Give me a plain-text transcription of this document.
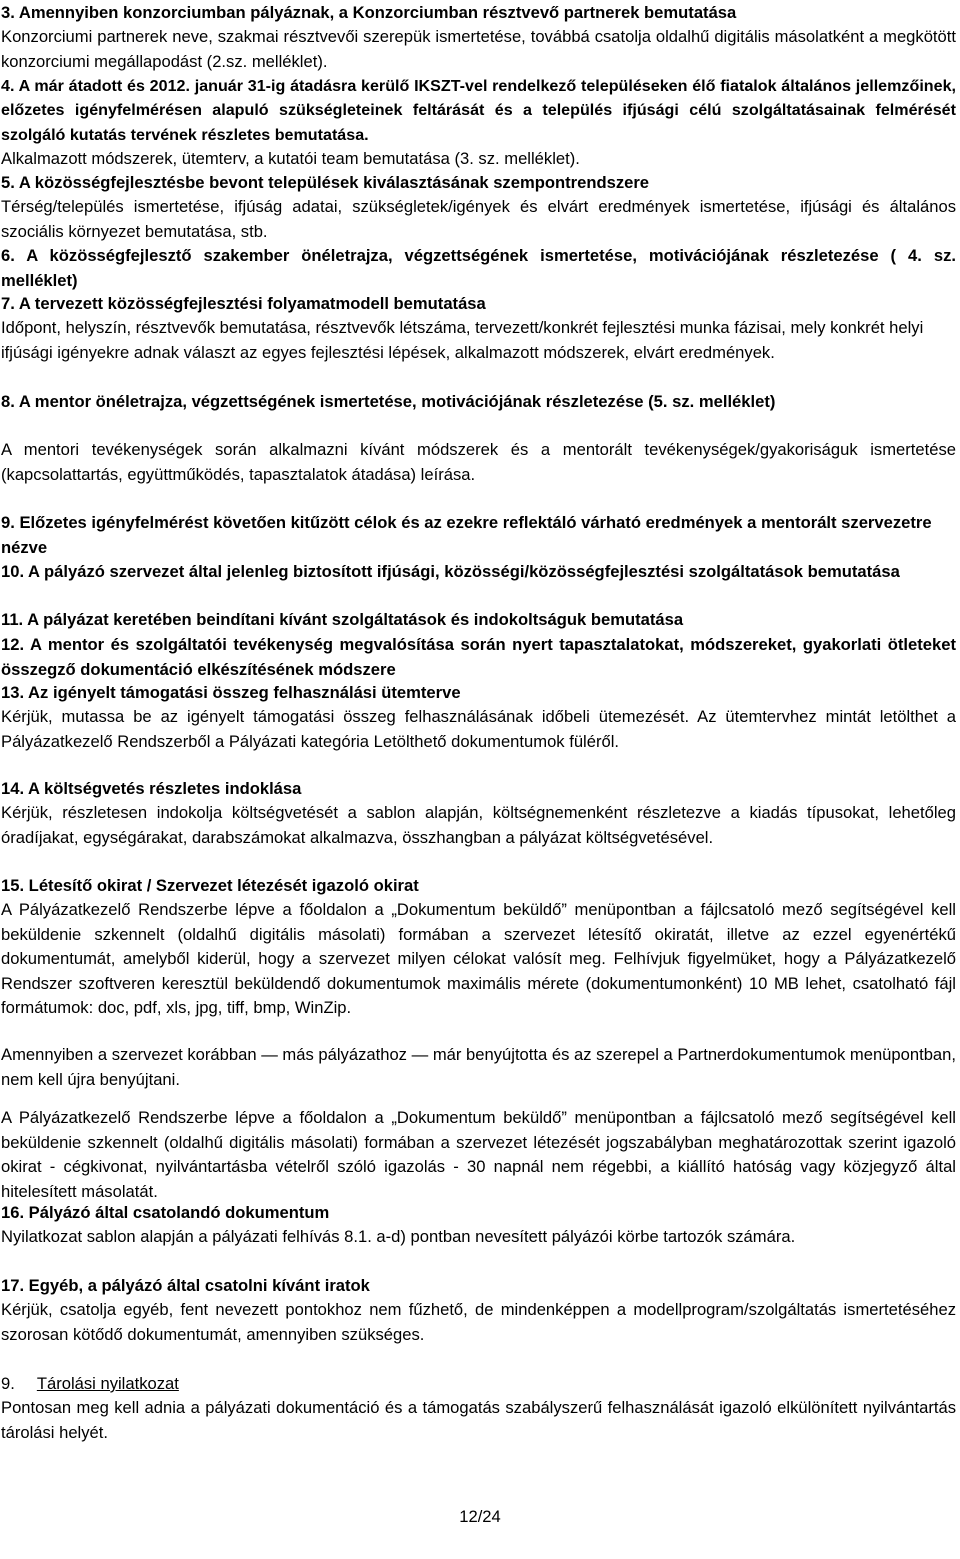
3. Amennyiben konzorciumban pályáznak, a Konzorciumban résztvevő partnerek bemutatása

Konzorciumi partnerek neve, szakmai résztvevői szerepük ismertetése, továbbá csatolja oldalhű digitális másolatként a megkötött konzorciumi megállapodást (2.sz. melléklet).

4. A már átadott és 2012. január 31-ig átadásra kerülő IKSZT-vel rendelkező településeken élő fiatalok általános jellemzőinek, előzetes igényfelmérésen alapuló szükségleteinek feltárását és a település ifjúsági célú szolgáltatásainak felmérését szolgáló kutatás tervének részletes bemutatása.

Alkalmazott módszerek, ütemterv, a kutatói team bemutatása (3. sz. melléklet).

5. A közösségfejlesztésbe bevont települések kiválasztásának szempontrendszere

Térség/település ismertetése, ifjúság adatai, szükségletek/igények és elvárt eredmények ismertetése, ifjúsági és általános szociális környezet bemutatása, stb.

6. A közösségfejlesztő szakember önéletrajza, végzettségének ismertetése, motivációjának részletezése ( 4. sz. melléklet)

7. A tervezett közösségfejlesztési folyamatmodell bemutatása

Időpont, helyszín, résztvevők bemutatása, résztvevők létszáma, tervezett/konkrét fejlesztési munka fázisai, mely konkrét helyi ifjúsági igényekre adnak választ az egyes fejlesztési lépések, alkalmazott módszerek, elvárt eredmények.

8. A mentor önéletrajza, végzettségének ismertetése, motivációjának részletezése (5. sz. melléklet)

A mentori tevékenységek során alkalmazni kívánt módszerek és a mentorált tevékenységek/gyakoriságuk ismertetése (kapcsolattartás, együttműködés, tapasztalatok átadása) leírása.

9. Előzetes igényfelmérést követően kitűzött célok és az ezekre reflektáló várható eredmények a mentorált szervezetre nézve

10. A pályázó szervezet által jelenleg biztosított ifjúsági, közösségi/közösségfejlesztési szolgáltatások bemutatása

11. A pályázat keretében beindítani kívánt szolgáltatások és indokoltságuk bemutatása

12. A mentor és szolgáltatói tevékenység megvalósítása során nyert tapasztalatokat, módszereket, gyakorlati ötleteket összegző dokumentáció elkészítésének módszere

13. Az igényelt támogatási összeg felhasználási ütemterve

Kérjük, mutassa be az igényelt támogatási összeg felhasználásának időbeli ütemezését. Az ütemtervhez mintát letölthet a Pályázatkezelő Rendszerből a Pályázati kategória Letölthető dokumentumok füléről.

14. A költségvetés részletes indoklása

Kérjük, részletesen indokolja költségvetését a sablon alapján, költségnemenként részletezve a kiadás típusokat, lehetőleg óradíjakat, egységárakat, darabszámokat alkalmazva, összhangban a pályázat költségvetésével.

15. Létesítő okirat / Szervezet létezését igazoló okirat

A Pályázatkezelő Rendszerbe lépve a főoldalon a „Dokumentum beküldő” menüpontban a fájlcsatoló mező segítségével kell beküldenie szkennelt (oldalhű digitális másolati) formában a szervezet létesítő okiratát, illetve az ezzel egyenértékű dokumentumát, amelyből kiderül, hogy a szervezet milyen célokat valósít meg. Felhívjuk figyelmüket, hogy a Pályázatkezelő Rendszer szoftveren keresztül beküldendő dokumentumok maximális mérete (dokumentumonként) 10 MB lehet, csatolható fájl formátumok: doc, pdf, xls, jpg, tiff, bmp, WinZip.

Amennyiben a szervezet korábban — más pályázathoz — már benyújtotta és az szerepel a Partnerdokumentumok menüpontban, nem kell újra benyújtani.

A Pályázatkezelő Rendszerbe lépve a főoldalon a „Dokumentum beküldő” menüpontban a fájlcsatoló mező segítségével kell beküldenie szkennelt (oldalhű digitális másolati) formában a szervezet létezését jogszabályban meghatározottak szerint igazoló okirat - cégkivonat, nyilvántartásba vételről szóló igazolás - 30 napnál nem régebbi, a kiállító hatóság vagy közjegyző által hitelesített másolatát.

16. Pályázó által csatolandó dokumentum

Nyilatkozat sablon alapján a pályázati felhívás 8.1. a-d) pontban nevesített pályázói körbe tartozók számára.

17. Egyéb, a pályázó által csatolni kívánt iratok

Kérjük, csatolja egyéb, fent nevezett pontokhoz nem fűzhető, de mindenképpen a modellprogram/szolgáltatás ismertetéséhez szorosan kötődő dokumentumát, amennyiben szükséges.

9. Tárolási nyilatkozat

Pontosan meg kell adnia a pályázati dokumentáció és a támogatás szabályszerű felhasználását igazoló elkülönített nyilvántartás tárolási helyét.

12/24
